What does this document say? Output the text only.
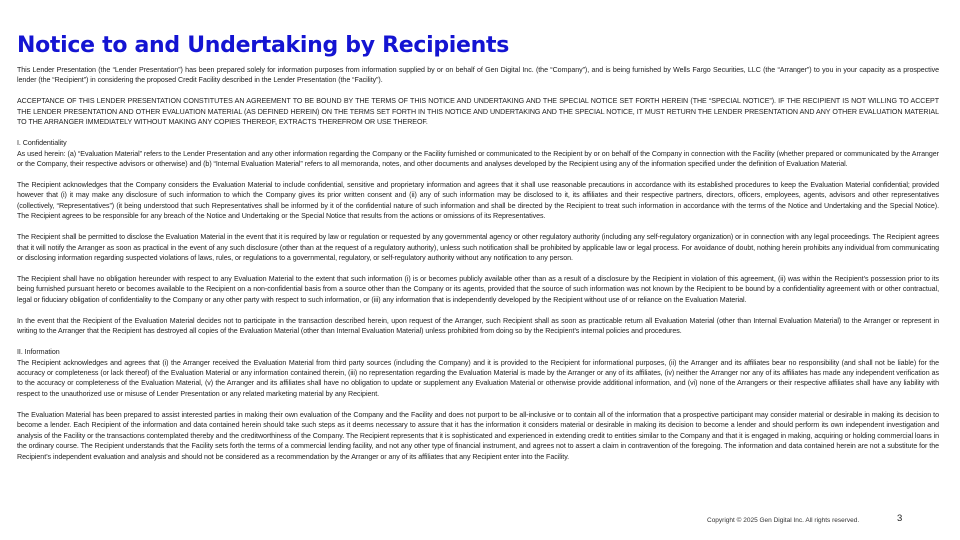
Notice to and Undertaking by Recipients

This Lender Presentation (the “Lender Presentation”) has been prepared solely for information purposes from information supplied by or on behalf of Gen Digital Inc. (the “Company”), and is being furnished by Wells Fargo Securities, LLC (the “Arranger”) to you in your capacity as a prospective lender (the “Recipient”) in considering the proposed Credit Facility described in the Lender Presentation (the “Facility”).

ACCEPTANCE OF THIS LENDER PRESENTATION CONSTITUTES AN AGREEMENT TO BE BOUND BY THE TERMS OF THIS NOTICE AND UNDERTAKING AND THE SPECIAL NOTICE SET FORTH HEREIN (THE “SPECIAL NOTICE”). IF THE RECIPIENT IS NOT WILLING TO ACCEPT THE LENDER PRESENTATION AND OTHER EVALUATION MATERIAL (AS DEFINED HEREIN) ON THE TERMS SET FORTH IN THIS NOTICE AND UNDERTAKING AND THE SPECIAL NOTICE, IT MUST RETURN THE LENDER PRESENTATION AND ANY OTHER EVALUATION MATERIAL TO THE ARRANGER IMMEDIATELY WITHOUT MAKING ANY COPIES THEREOF, EXTRACTS THEREFROM OR USE THEREOF.

I. Confidentiality

As used herein: (a) “Evaluation Material” refers to the Lender Presentation and any other information regarding the Company or the Facility furnished or communicated to the Recipient by or on behalf of the Company in connection with the Facility (whether prepared or communicated by the Arranger or the Company, their respective advisors or otherwise) and (b) “Internal Evaluation Material” refers to all memoranda, notes, and other documents and analyses developed by the Recipient using any of the information specified under the definition of Evaluation Material.

The Recipient acknowledges that the Company considers the Evaluation Material to include confidential, sensitive and proprietary information and agrees that it shall use reasonable precautions in accordance with its established procedures to keep the Evaluation Material confidential; provided however that (i) it may make any disclosure of such information to which the Company gives its prior written consent and (ii) any of such information may be disclosed to it, its affiliates and their respective partners, directors, officers, employees, agents, advisors and other representatives (collectively, “Representatives”) (it being understood that such Representatives shall be informed by it of the confidential nature of such information and shall be directed by the Recipient to treat such information in accordance with the terms of the Notice and Undertaking and the Special Notice). The Recipient agrees to be responsible for any breach of the Notice and Undertaking or the Special Notice that results from the actions or omissions of its Representatives.

The Recipient shall be permitted to disclose the Evaluation Material in the event that it is required by law or regulation or requested by any governmental agency or other regulatory authority (including any self-regulatory organization) or in connection with any legal proceedings. The Recipient agrees that it will notify the Arranger as soon as practical in the event of any such disclosure (other than at the request of a regulatory authority), unless such notification shall be prohibited by applicable law or legal process. For avoidance of doubt, nothing herein prohibits any individual from communicating or disclosing information regarding suspected violations of laws, rules, or regulations to a governmental, regulatory, or self-regulatory authority without any notification to any person.

The Recipient shall have no obligation hereunder with respect to any Evaluation Material to the extent that such information (i) is or becomes publicly available other than as a result of a disclosure by the Recipient in violation of this agreement, (ii) was within the Recipient’s possession prior to its being furnished pursuant hereto or becomes available to the Recipient on a non-confidential basis from a source other than the Company or its agents, provided that the source of such information was not known by the Recipient to be bound by a confidentiality agreement with or other contractual, legal or fiduciary obligation of confidentiality to the Company or any other party with respect to such information, or (iii) any information that is independently developed by the Recipient without use of or reliance on the Evaluation Material.

In the event that the Recipient of the Evaluation Material decides not to participate in the transaction described herein, upon request of the Arranger, such Recipient shall as soon as practicable return all Evaluation Material (other than Internal Evaluation Material) to the Arranger or represent in writing to the Arranger that the Recipient has destroyed all copies of the Evaluation Material (other than Internal Evaluation Material) unless prohibited from doing so by the Recipient’s internal policies and procedures.

II. Information

The Recipient acknowledges and agrees that (i) the Arranger received the Evaluation Material from third party sources (including the Company) and it is provided to the Recipient for informational purposes, (ii) the Arranger and its affiliates bear no responsibility (and shall not be liable) for the accuracy or completeness (or lack thereof) of the Evaluation Material or any information contained therein, (iii) no representation regarding the Evaluation Material is made by the Arranger or any of its affiliates, (iv) neither the Arranger nor any of its affiliates has made any independent verification as to the accuracy or completeness of the Evaluation Material, (v) the Arranger and its affiliates shall have no obligation to update or supplement any Evaluation Material or otherwise provide additional information, and (vi) none of the Arrangers or their respective affiliates shall have any liability with respect to the unauthorized use or misuse of Lender Presentation or any related marketing material by any Recipient.

The Evaluation Material has been prepared to assist interested parties in making their own evaluation of the Company and the Facility and does not purport to be all-inclusive or to contain all of the information that a prospective participant may consider material or desirable in making its decision to become a lender. Each Recipient of the information and data contained herein should take such steps as it deems necessary to assure that it has the information it considers material or desirable in making its decision to become a lender and should perform its own independent investigation and analysis of the Facility or the transactions contemplated thereby and the creditworthiness of the Company. The Recipient represents that it is sophisticated and experienced in extending credit to entities similar to the Company and that it is engaged in making, acquiring or holding commercial loans in the ordinary course. The Recipient understands that the Facility sets forth the terms of a commercial lending facility, and not any other type of financial instrument, and agrees not to assert a claim in contravention of the foregoing. The information and data contained herein are not a substitute for the Recipient’s independent evaluation and analysis and should not be considered as a recommendation by the Arranger or any of its affiliates that any Recipient enter into the Facility.

Copyright © 2025 Gen Digital Inc. All rights reserved.	3
